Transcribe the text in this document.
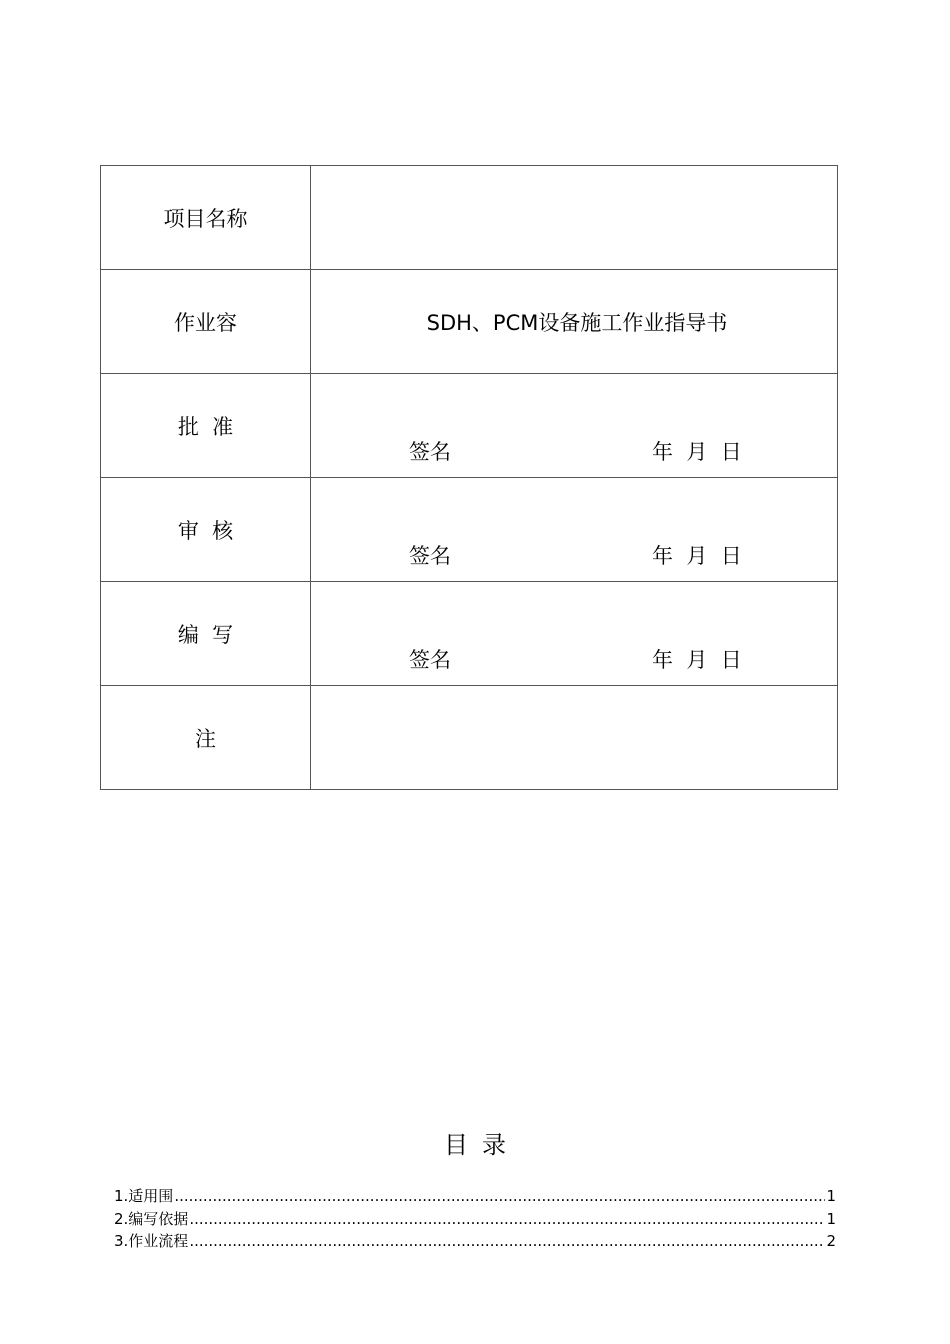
项目名称	

作业容	SDH、PCM设备施工作业指导书

批  准	签名 年  月  日

审  核	签名 年  月  日

编  写	签名 年  月  日

注	
目录
1.适用围 .....	1
2.编写依据 .....	1
3.作业流程 .....	2
